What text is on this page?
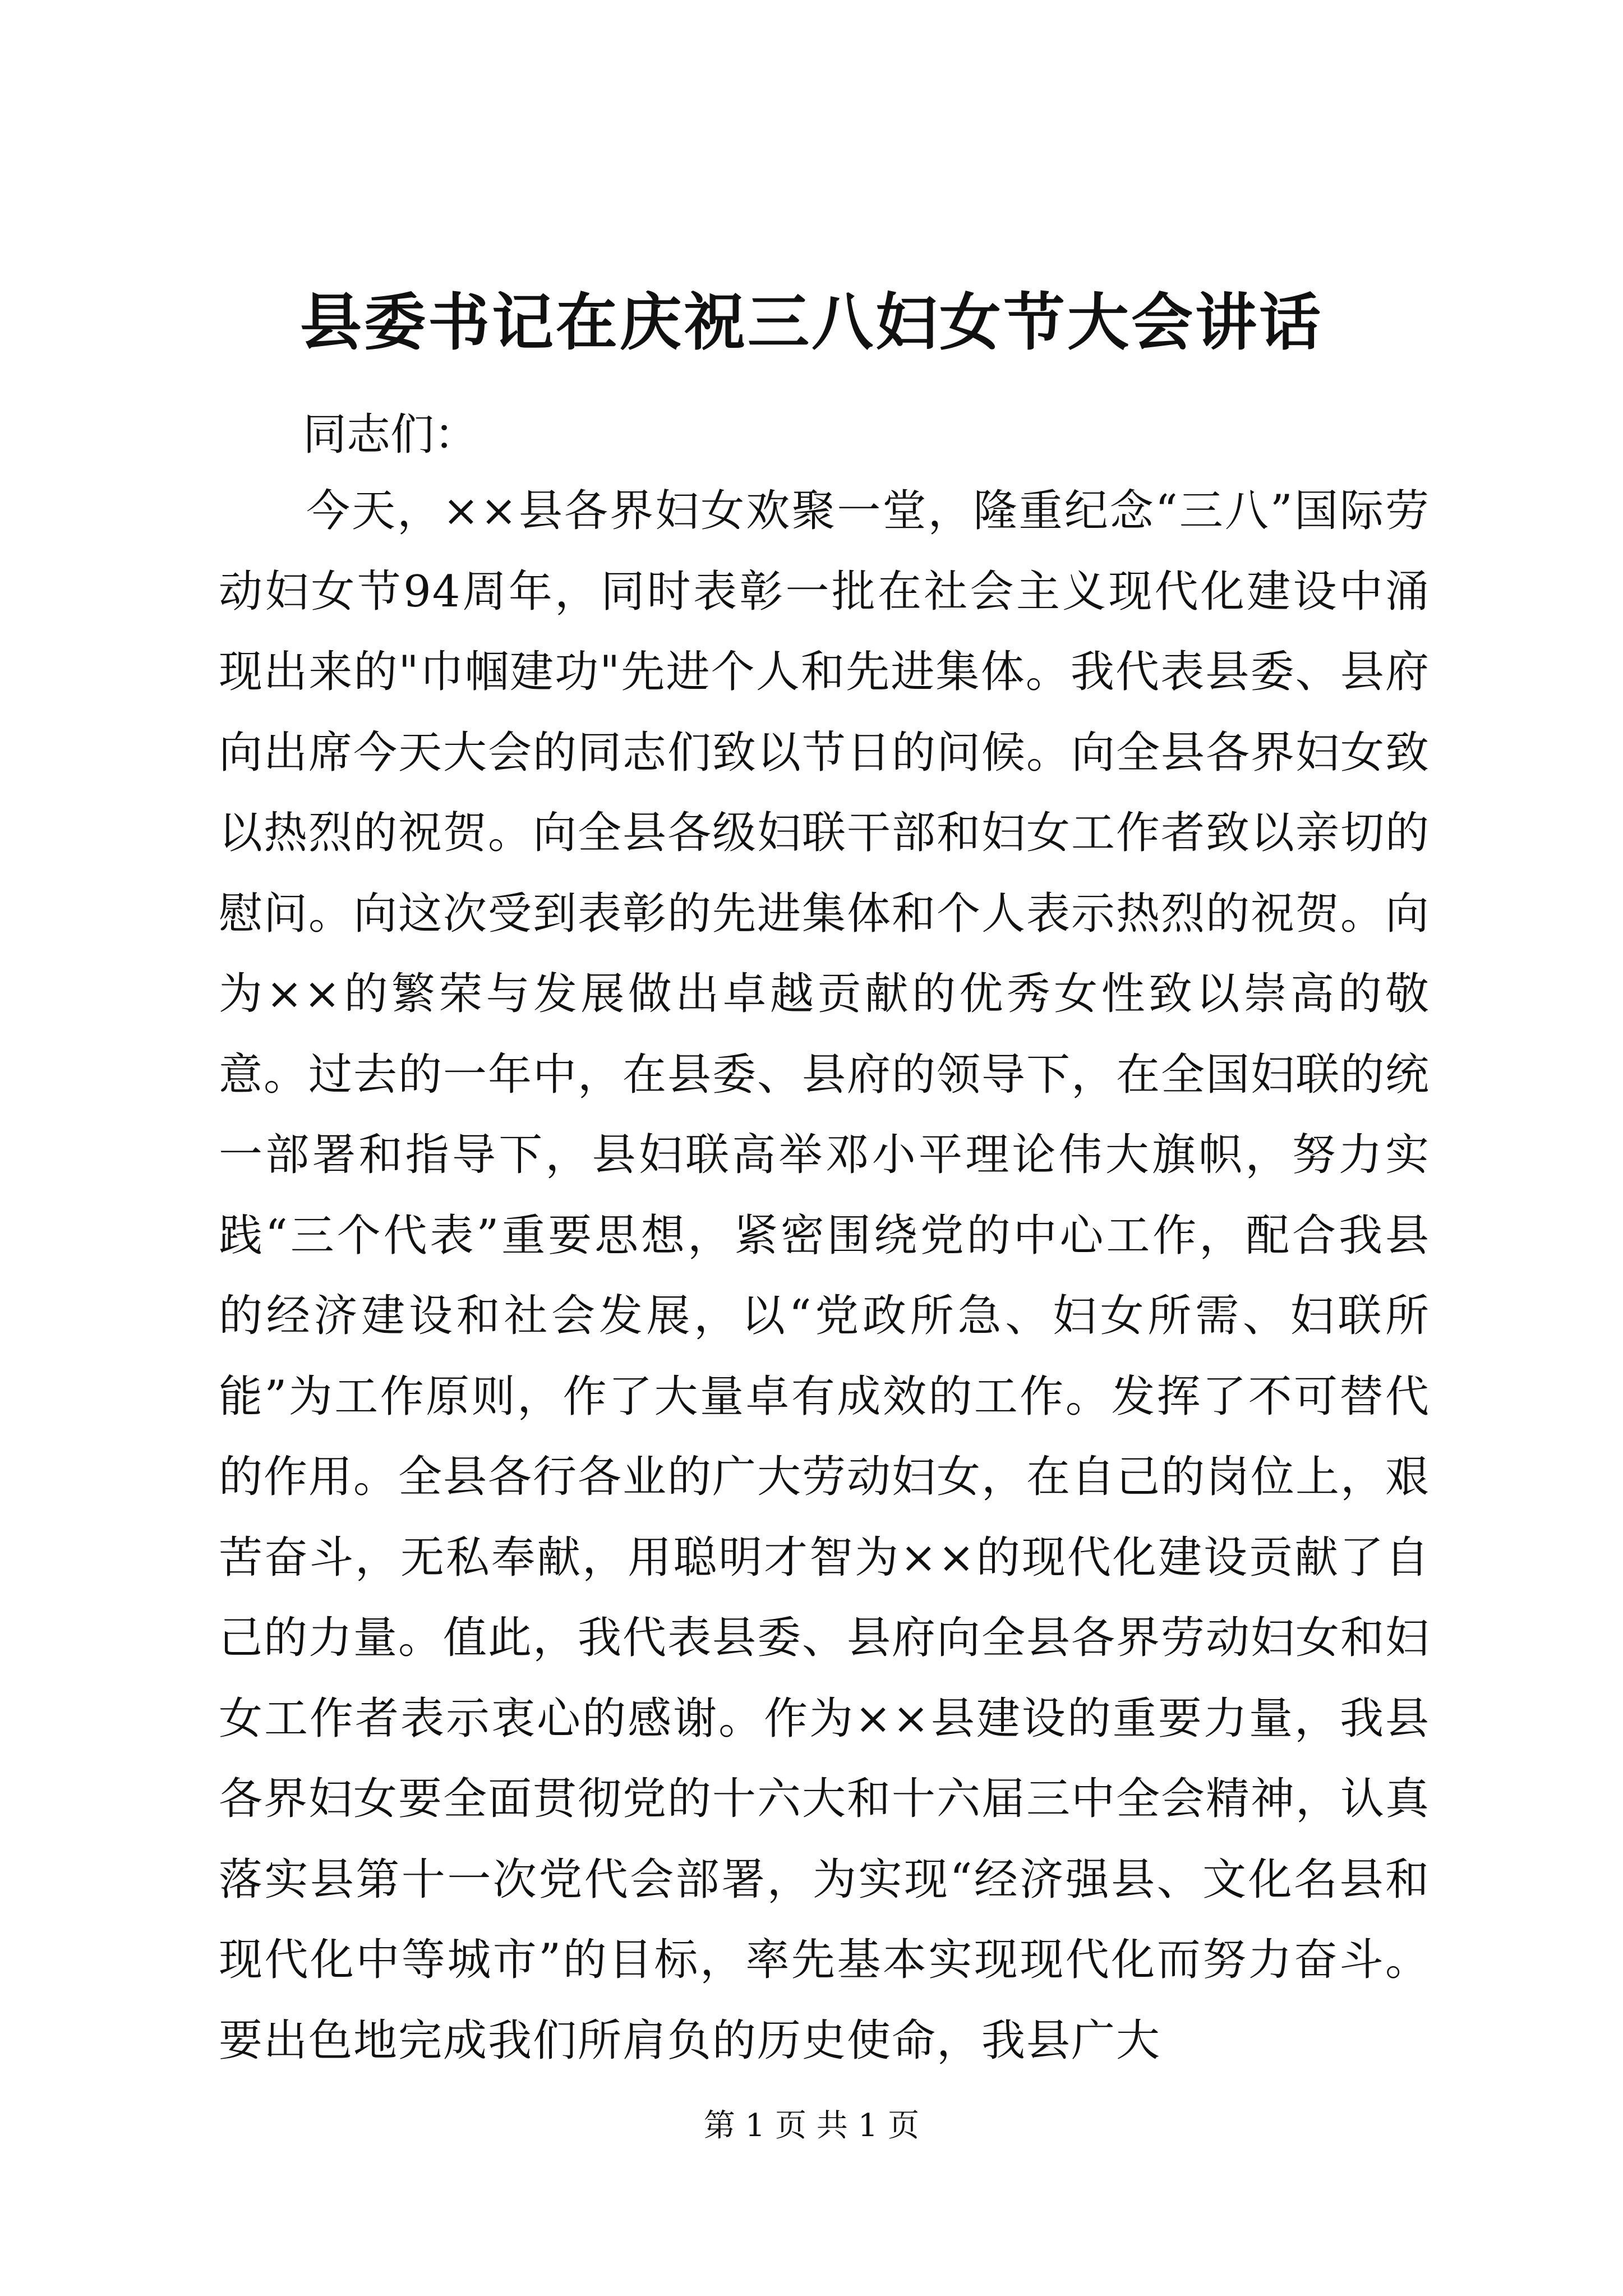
县委书记在庆祝三八妇女节大会讲话

同志们：

今天，××县各界妇女欢聚一堂，隆重纪念“三八”国际劳动妇女节94周年，同时表彰一批在社会主义现代化建设中涌现出来的"巾帼建功"先进个人和先进集体。我代表县委、县府向出席今天大会的同志们致以节日的问候。向全县各界妇女致以热烈的祝贺。向全县各级妇联干部和妇女工作者致以亲切的慰问。向这次受到表彰的先进集体和个人表示热烈的祝贺。向为××的繁荣与发展做出卓越贡献的优秀女性致以崇高的敬意。过去的一年中，在县委、县府的领导下，在全国妇联的统一部署和指导下，县妇联高举邓小平理论伟大旗帜，努力实践“三个代表”重要思想，紧密围绕党的中心工作，配合我县的经济建设和社会发展，以“党政所急、妇女所需、妇联所能”为工作原则，作了大量卓有成效的工作。发挥了不可替代的作用。全县各行各业的广大劳动妇女，在自己的岗位上，艰苦奋斗，无私奉献，用聪明才智为××的现代化建设贡献了自己的力量。值此，我代表县委、县府向全县各界劳动妇女和妇女工作者表示衷心的感谢。作为××县建设的重要力量，我县各界妇女要全面贯彻党的十六大和十六届三中全会精神，认真落实县第十一次党代会部署，为实现“经济强县、文化名县和现代化中等城市”的目标，率先基本实现现代化而努力奋斗。要出色地完成我们所肩负的历史使命，我县广大

第 1 页 共 1 页
